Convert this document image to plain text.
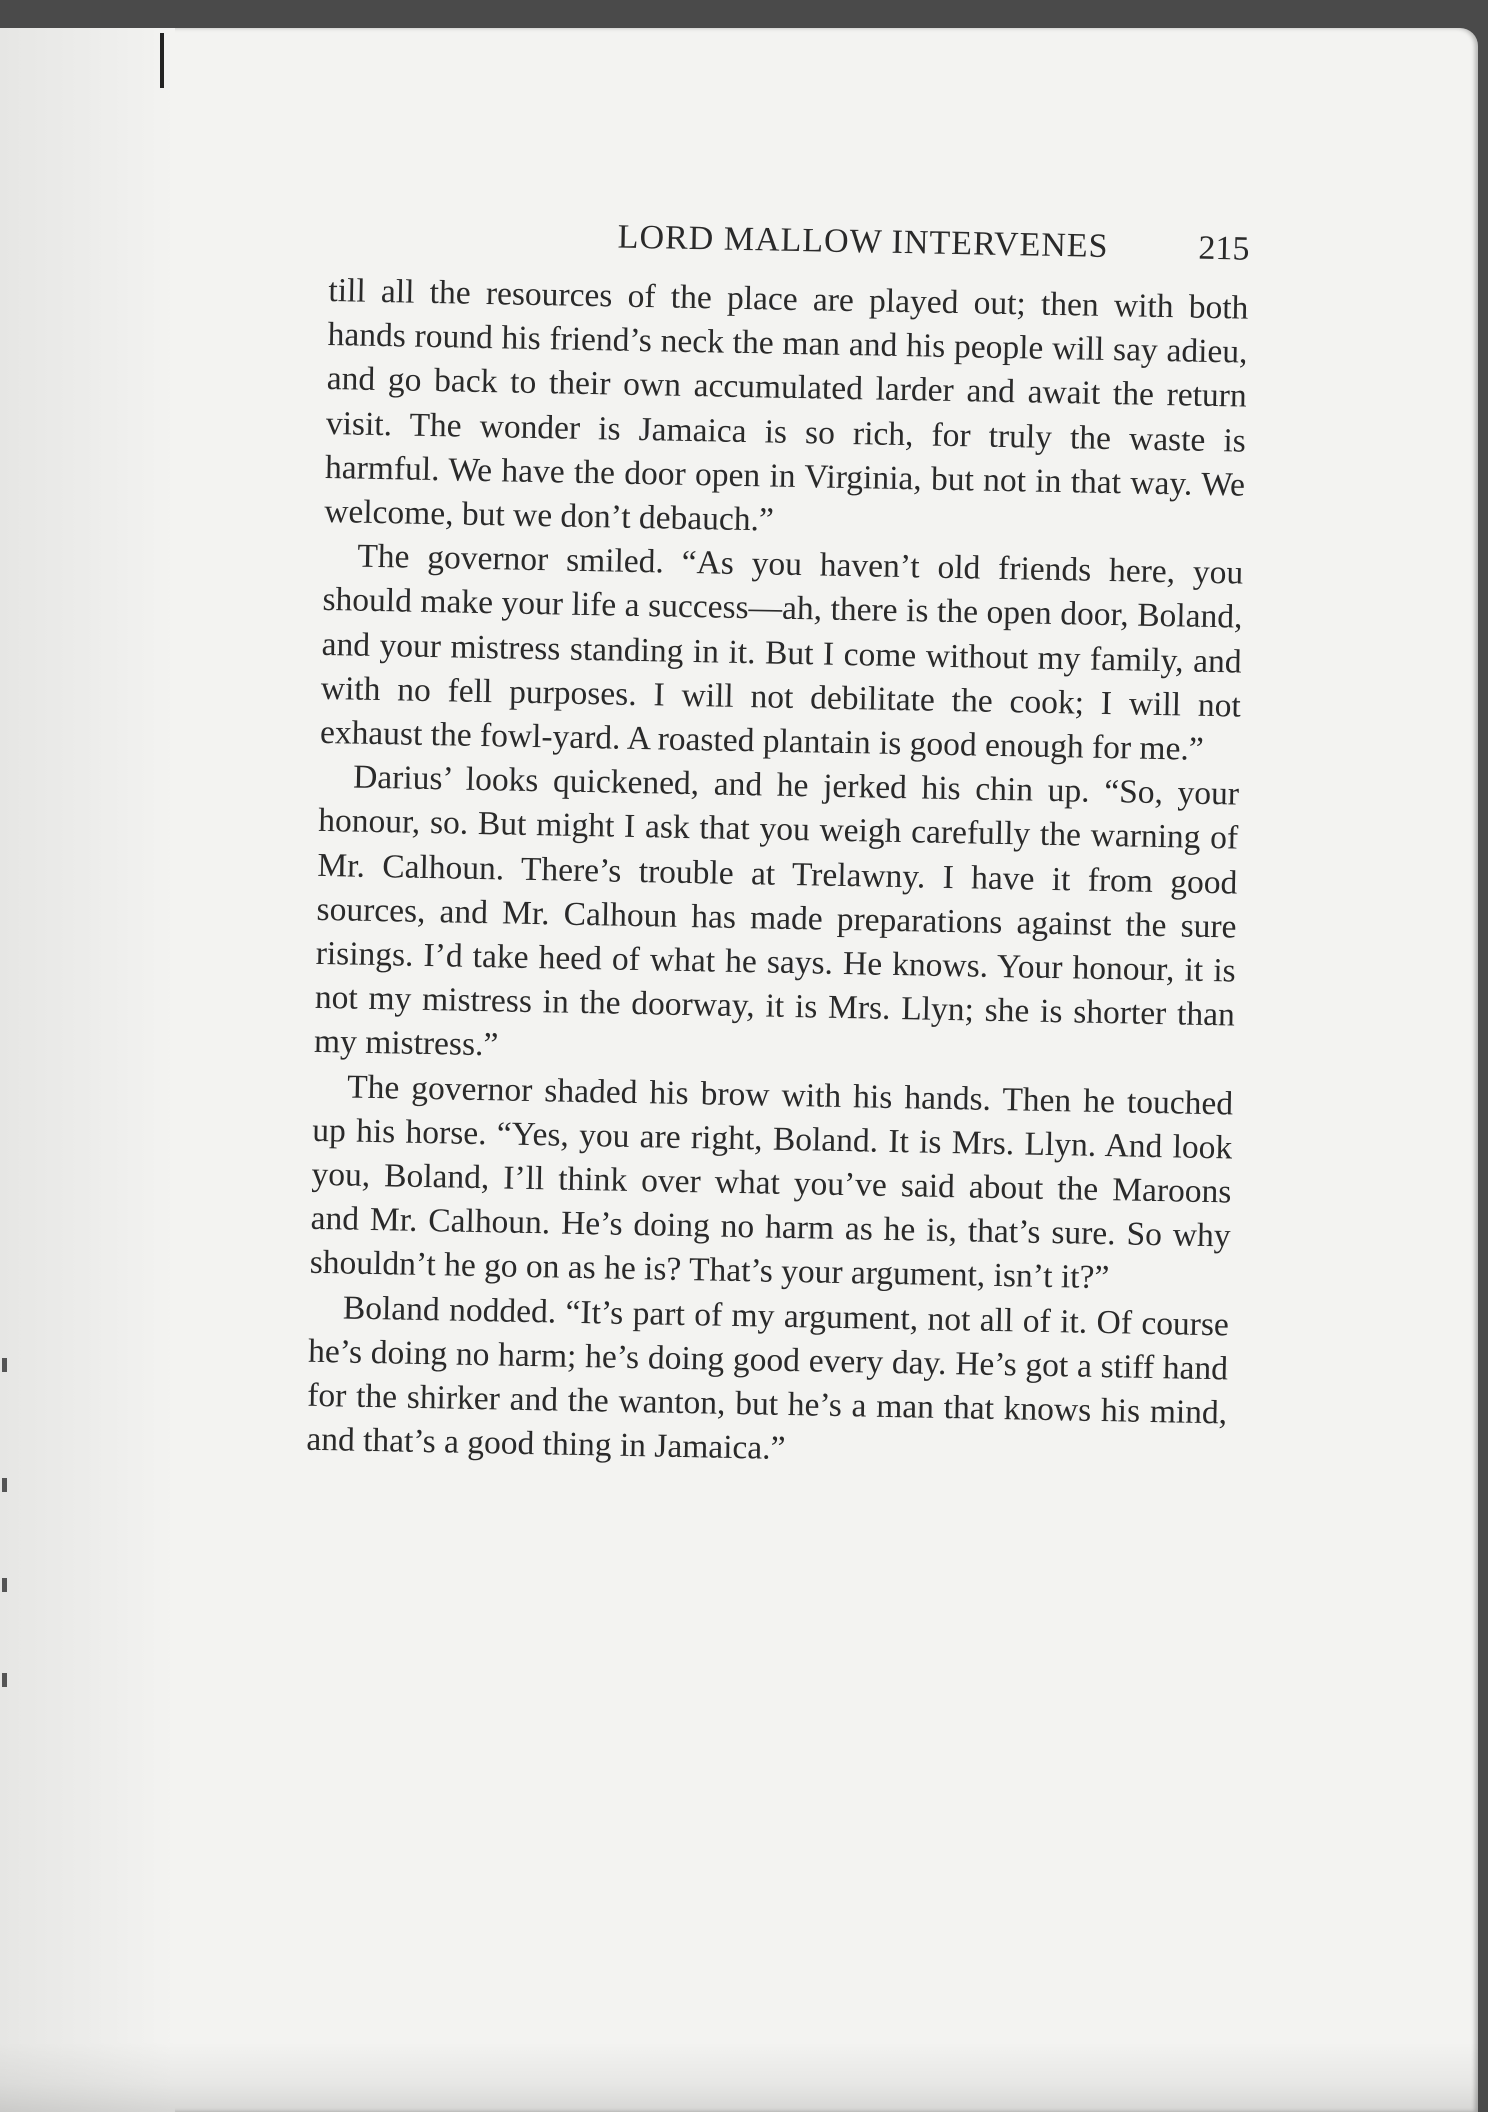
LORD MALLOW INTERVENES	215

till all the resources of the place are played out; then with both hands round his friend’s neck the man and his people will say adieu, and go back to their own accumulated larder and await the return visit. The wonder is Jamaica is so rich, for truly the waste is harmful. We have the door open in Virginia, but not in that way. We welcome, but we don’t debauch.”

The governor smiled. “As you haven’t old friends here, you should make your life a success—ah, there is the open door, Boland, and your mistress standing in it. But I come without my family, and with no fell purposes. I will not debilitate the cook; I will not exhaust the fowl-yard. A roasted plantain is good enough for me.”

Darius’ looks quickened, and he jerked his chin up. “So, your honour, so. But might I ask that you weigh carefully the warning of Mr. Calhoun. There’s trouble at Trelawny. I have it from good sources, and Mr. Calhoun has made preparations against the sure risings. I’d take heed of what he says. He knows. Your honour, it is not my mistress in the doorway, it is Mrs. Llyn; she is shorter than my mistress.”

The governor shaded his brow with his hands. Then he touched up his horse. “Yes, you are right, Boland. It is Mrs. Llyn. And look you, Boland, I’ll think over what you’ve said about the Maroons and Mr. Calhoun. He’s doing no harm as he is, that’s sure. So why shouldn’t he go on as he is? That’s your argument, isn’t it?”

Boland nodded. “It’s part of my argument, not all of it. Of course he’s doing no harm; he’s doing good every day. He’s got a stiff hand for the shirker and the wanton, but he’s a man that knows his mind, and that’s a good thing in Jamaica.”
